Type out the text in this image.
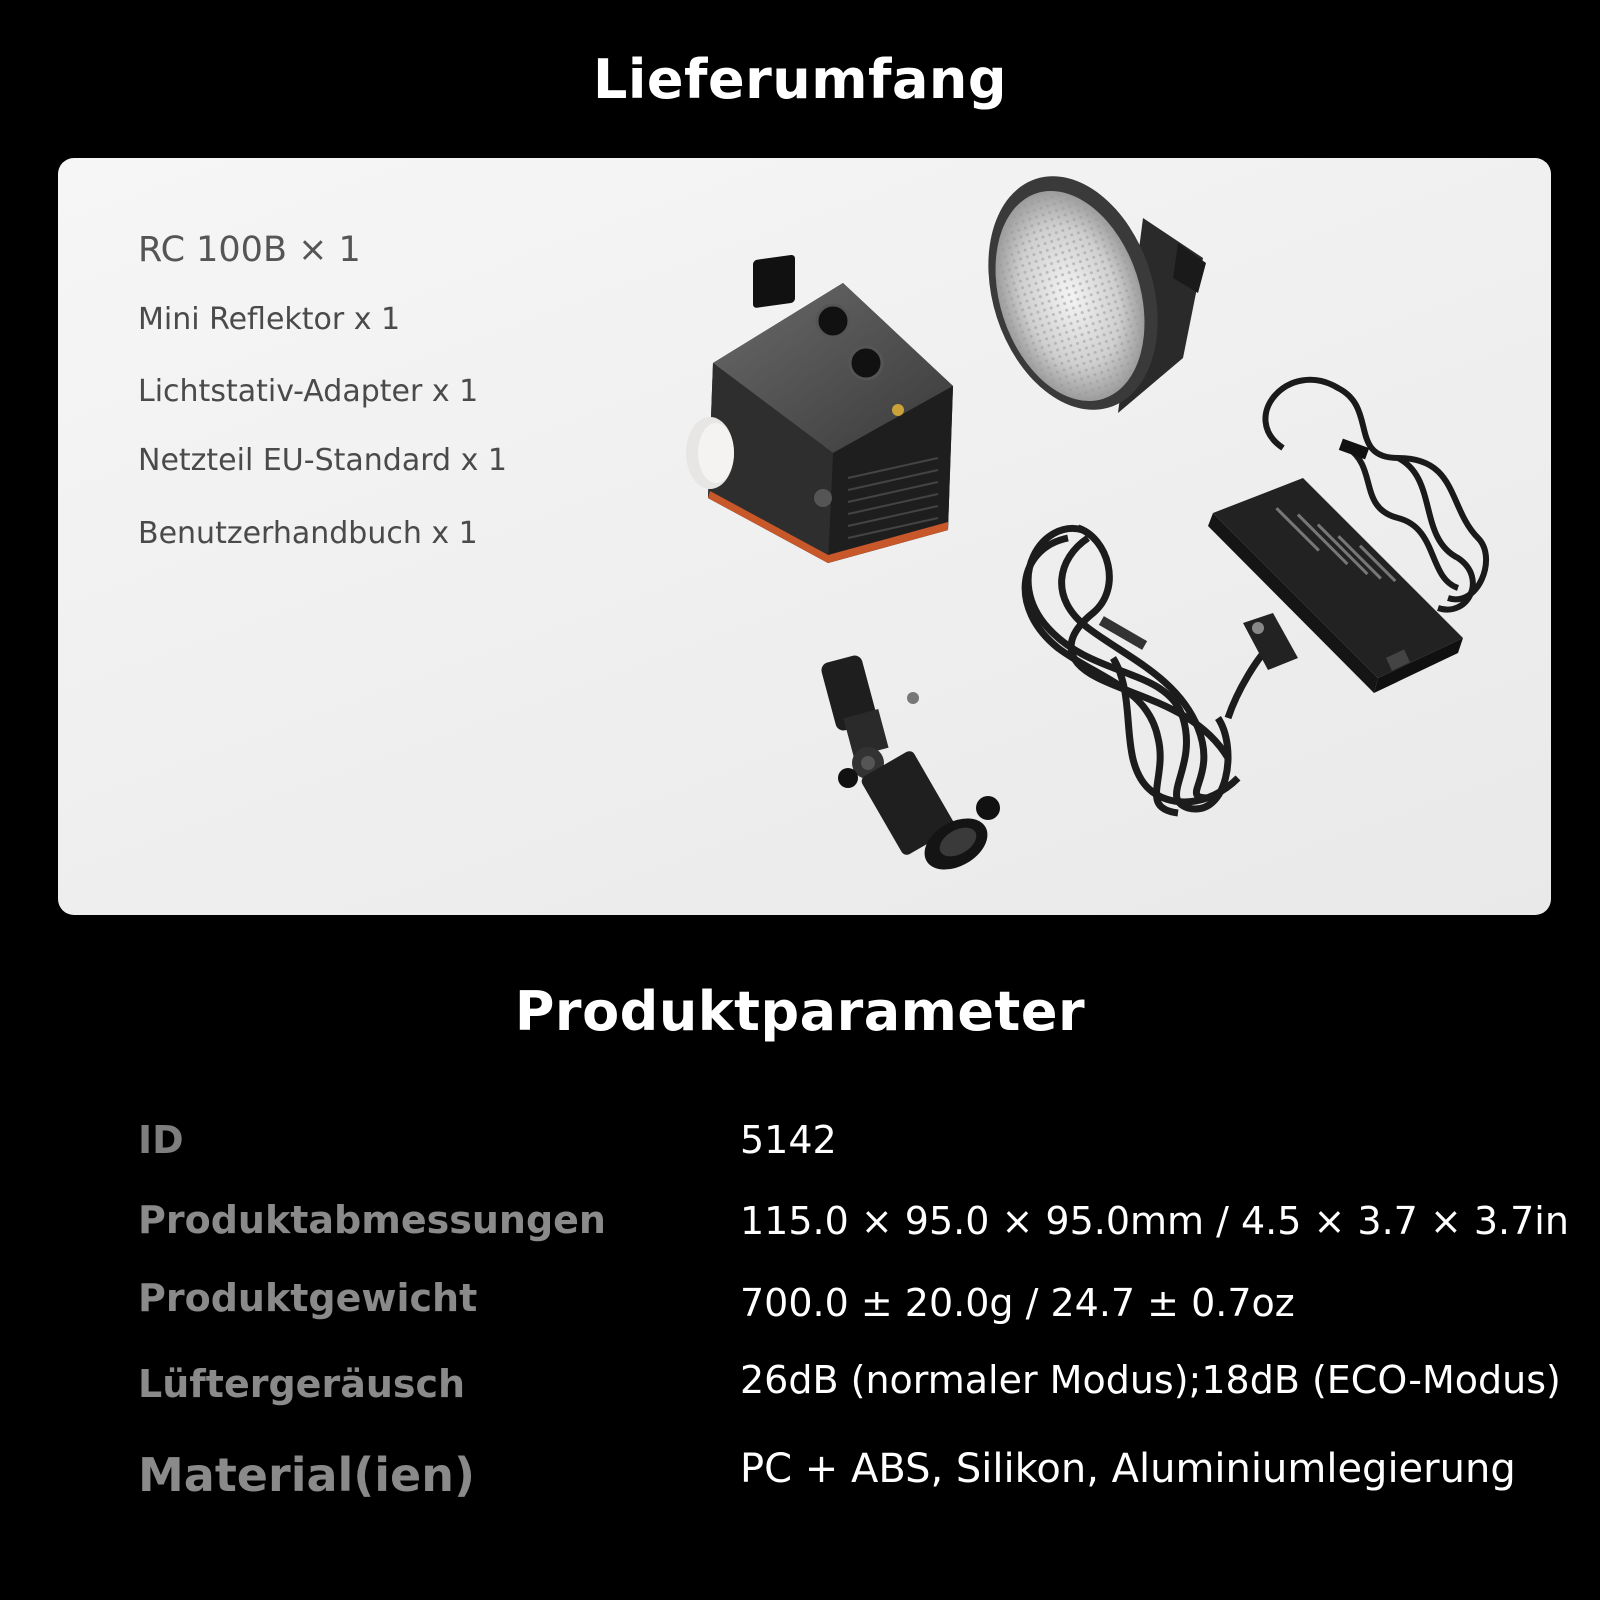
Lieferumfang
RC 100B × 1
Mini Reflektor x 1
Lichtstativ-Adapter x 1
Netzteil EU-Standard x 1
Benutzerhandbuch x 1
Produktparameter
ID	5142
Produktabmessungen	115.0 × 95.0 × 95.0mm / 4.5 × 3.7 × 3.7in
Produktgewicht	700.0 ± 20.0g / 24.7 ± 0.7oz
Lüftergeräusch	26dB (normaler Modus);18dB (ECO-Modus)
Material(ien)	PC + ABS, Silikon, Aluminiumlegierung
